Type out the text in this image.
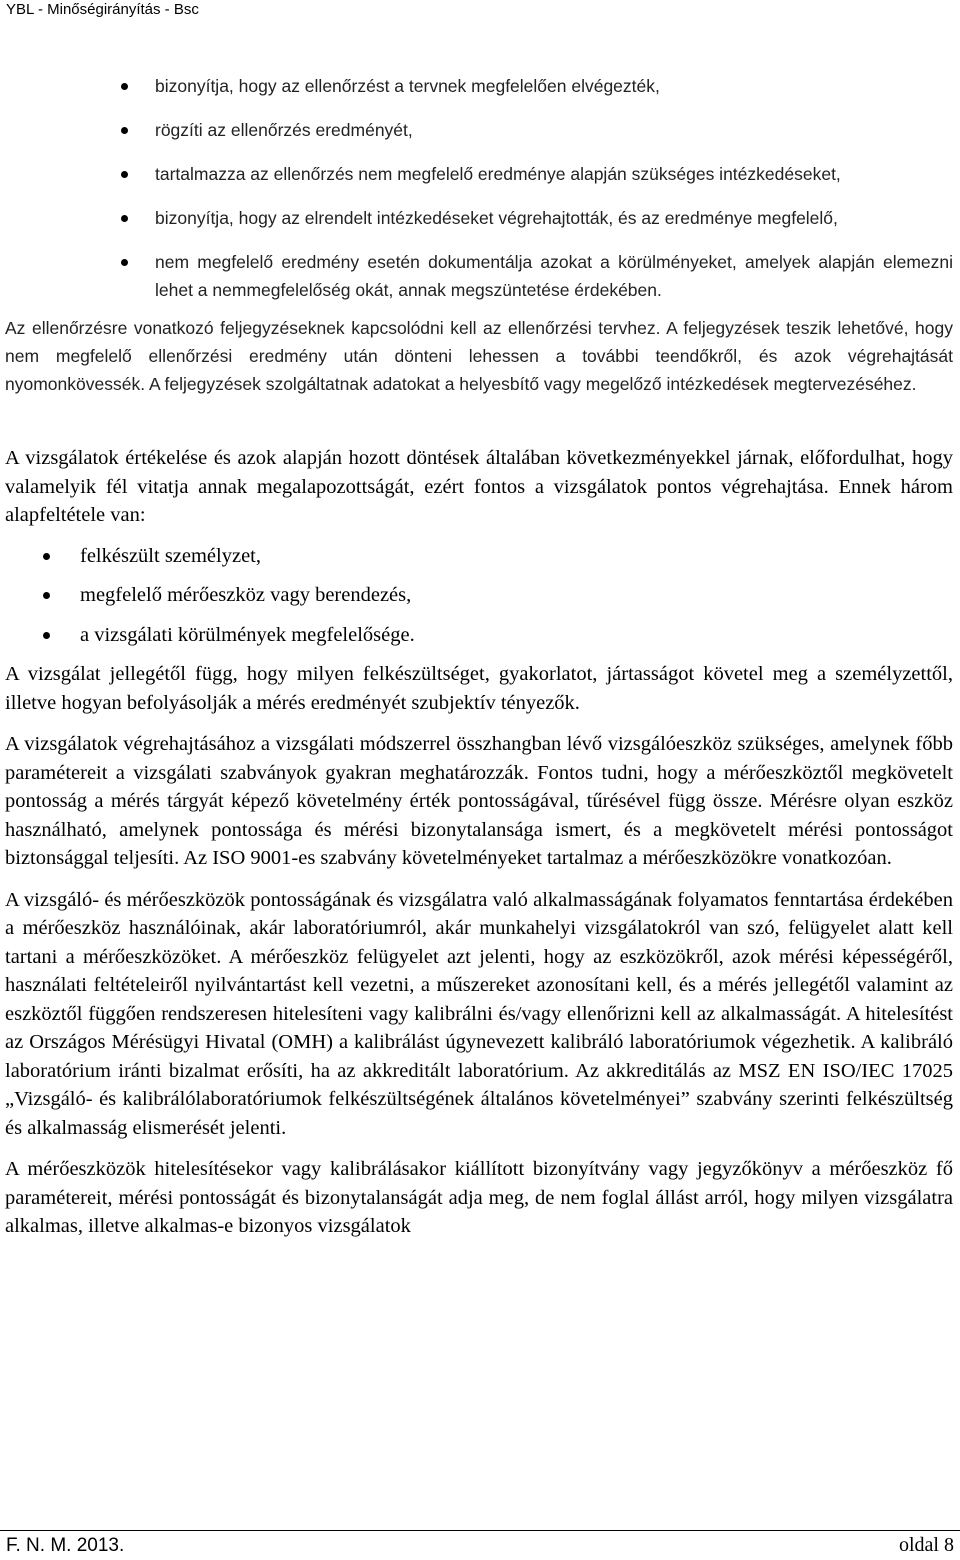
YBL - Minőségirányítás - Bsc
bizonyítja, hogy az ellenőrzést a tervnek megfelelően elvégezték,
rögzíti az ellenőrzés eredményét,
tartalmazza az ellenőrzés nem megfelelő eredménye alapján szükséges intézkedéseket,
bizonyítja, hogy az elrendelt intézkedéseket végrehajtották, és az eredménye megfelelő,
nem megfelelő eredmény esetén dokumentálja azokat a körülményeket, amelyek alapján elemezni lehet a nemmegfelelőség okát, annak megszüntetése érdekében.

Az ellenőrzésre vonatkozó feljegyzéseknek kapcsolódni kell az ellenőrzési tervhez. A feljegyzések teszik lehetővé, hogy nem megfelelő ellenőrzési eredmény után dönteni lehessen a további teendőkről, és azok végrehajtását nyomonkövessék. A feljegyzések szolgáltatnak adatokat a helyesbítő vagy megelőző intézkedések megtervezéséhez.

A vizsgálatok értékelése és azok alapján hozott döntések általában következményekkel járnak, előfordulhat, hogy valamelyik fél vitatja annak megalapozottságát, ezért fontos a vizsgálatok pontos végrehajtása. Ennek három alapfeltétele van:

felkészült személyzet,
megfelelő mérőeszköz vagy berendezés,
a vizsgálati körülmények megfelelősége.

A vizsgálat jellegétől függ, hogy milyen felkészültséget, gyakorlatot, jártasságot követel meg a személyzettől, illetve hogyan befolyásolják a mérés eredményét szubjektív tényezők.

A vizsgálatok végrehajtásához a vizsgálati módszerrel összhangban lévő vizsgálóeszköz szükséges, amelynek főbb paramétereit a vizsgálati szabványok gyakran meghatározzák. Fontos tudni, hogy a mérőeszköztől megkövetelt pontosság a mérés tárgyát képező követelmény érték pontosságával, tűrésével függ össze. Mérésre olyan eszköz használható, amelynek pontossága és mérési bizonytalansága ismert, és a megkövetelt mérési pontosságot biztonsággal teljesíti. Az ISO 9001-es szabvány követelményeket tartalmaz a mérőeszközökre vonatkozóan.

A vizsgáló- és mérőeszközök pontosságának és vizsgálatra való alkalmasságának folyamatos fenntartása érdekében a mérőeszköz használóinak, akár laboratóriumról, akár munkahelyi vizsgálatokról van szó, felügyelet alatt kell tartani a mérőeszközöket. A mérőeszköz felügyelet azt jelenti, hogy az eszközökről, azok mérési képességéről, használati feltételeiről nyilvántartást kell vezetni, a műszereket azonosítani kell, és a mérés jellegétől valamint az eszköztől függően rendszeresen hitelesíteni vagy kalibrálni és/vagy ellenőrizni kell az alkalmasságát. A hitelesítést az Országos Mérésügyi Hivatal (OMH) a kalibrálást úgynevezett kalibráló laboratóriumok végezhetik. A kalibráló laboratórium iránti bizalmat erősíti, ha az akkreditált laboratórium. Az akkreditálás az MSZ EN ISO/IEC 17025 „Vizsgáló- és kalibrálólaboratóriumok felkészültségének általános követelményei” szabvány szerinti felkészültség és alkalmasság elismerését jelenti.

A mérőeszközök hitelesítésekor vagy kalibrálásakor kiállított bizonyítvány vagy jegyzőkönyv a mérőeszköz fő paramétereit, mérési pontosságát és bizonytalanságát adja meg, de nem foglal állást arról, hogy milyen vizsgálatra alkalmas, illetve alkalmas-e bizonyos vizsgálatok

F. N. M. 2013.	oldal 8
